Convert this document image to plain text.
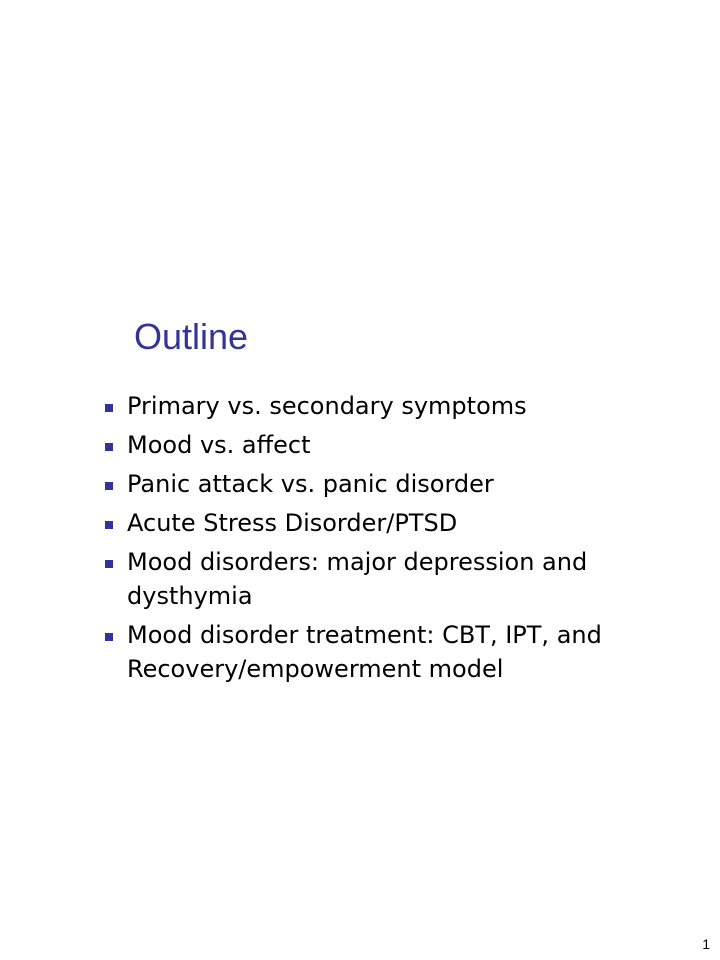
Outline
Primary vs. secondary symptoms
Mood vs. affect
Panic attack vs. panic disorder
Acute Stress Disorder/PTSD
Mood disorders: major depression and dysthymia
Mood disorder treatment: CBT, IPT, and Recovery/empowerment model
1
